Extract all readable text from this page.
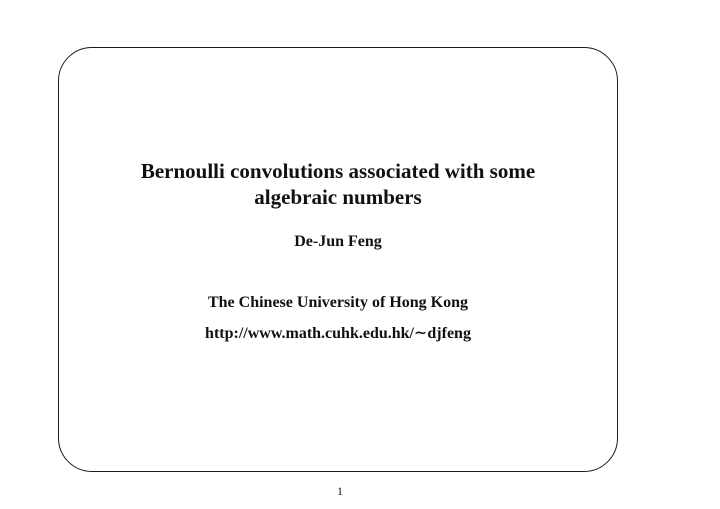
Bernoulli convolutions associated with some
algebraic numbers
De-Jun Feng
The Chinese University of Hong Kong
http://www.math.cuhk.edu.hk/∼djfeng
1
